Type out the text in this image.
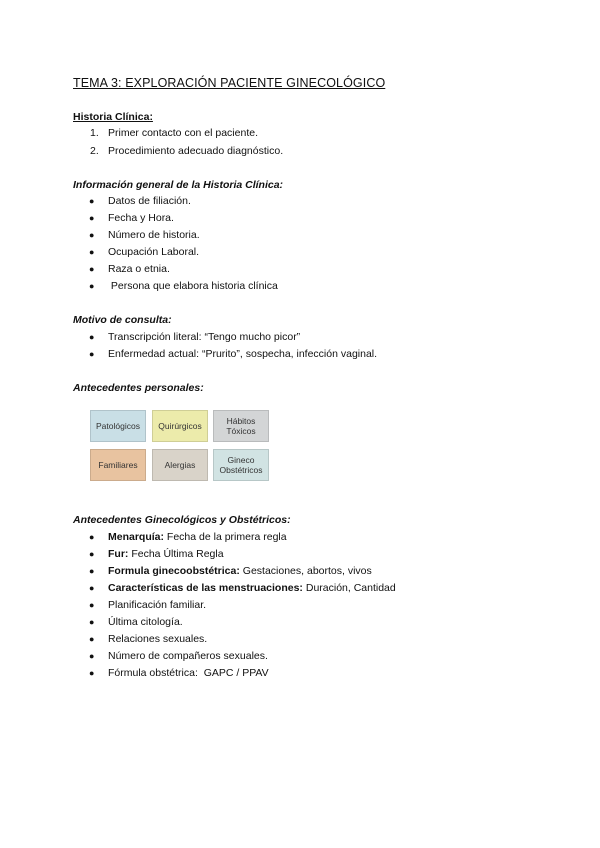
TEMA 3: EXPLORACIÓN PACIENTE GINECOLÓGICO
Historia Clínica:
1. Primer contacto con el paciente.
2. Procedimiento adecuado diagnóstico.
Información general de la Historia Clínica:
● Datos de filiación.
● Fecha y Hora.
● Número de historia.
● Ocupación Laboral.
● Raza o etnia.
● Persona que elabora historia clínica
Motivo de consulta:
● Transcripción literal: “Tengo mucho picor”
● Enfermedad actual: “Prurito”, sospecha, infección vaginal.
Antecedentes personales:
Patológicos Quirúrgicos	Hábitos Tóxicos
Familiares	Alergias	Gineco Obstétricos
Antecedentes Ginecológicos y Obstétricos:
● Menarquía: Fecha de la primera regla
● Fur: Fecha Última Regla
● Formula ginecoobstétrica: Gestaciones, abortos, vivos
● Características de las menstruaciones: Duración, Cantidad
● Planificación familiar.
● Última citología.
● Relaciones sexuales.
● Número de compañeros sexuales.
● Fórmula obstétrica:  GAPC / PPAV
